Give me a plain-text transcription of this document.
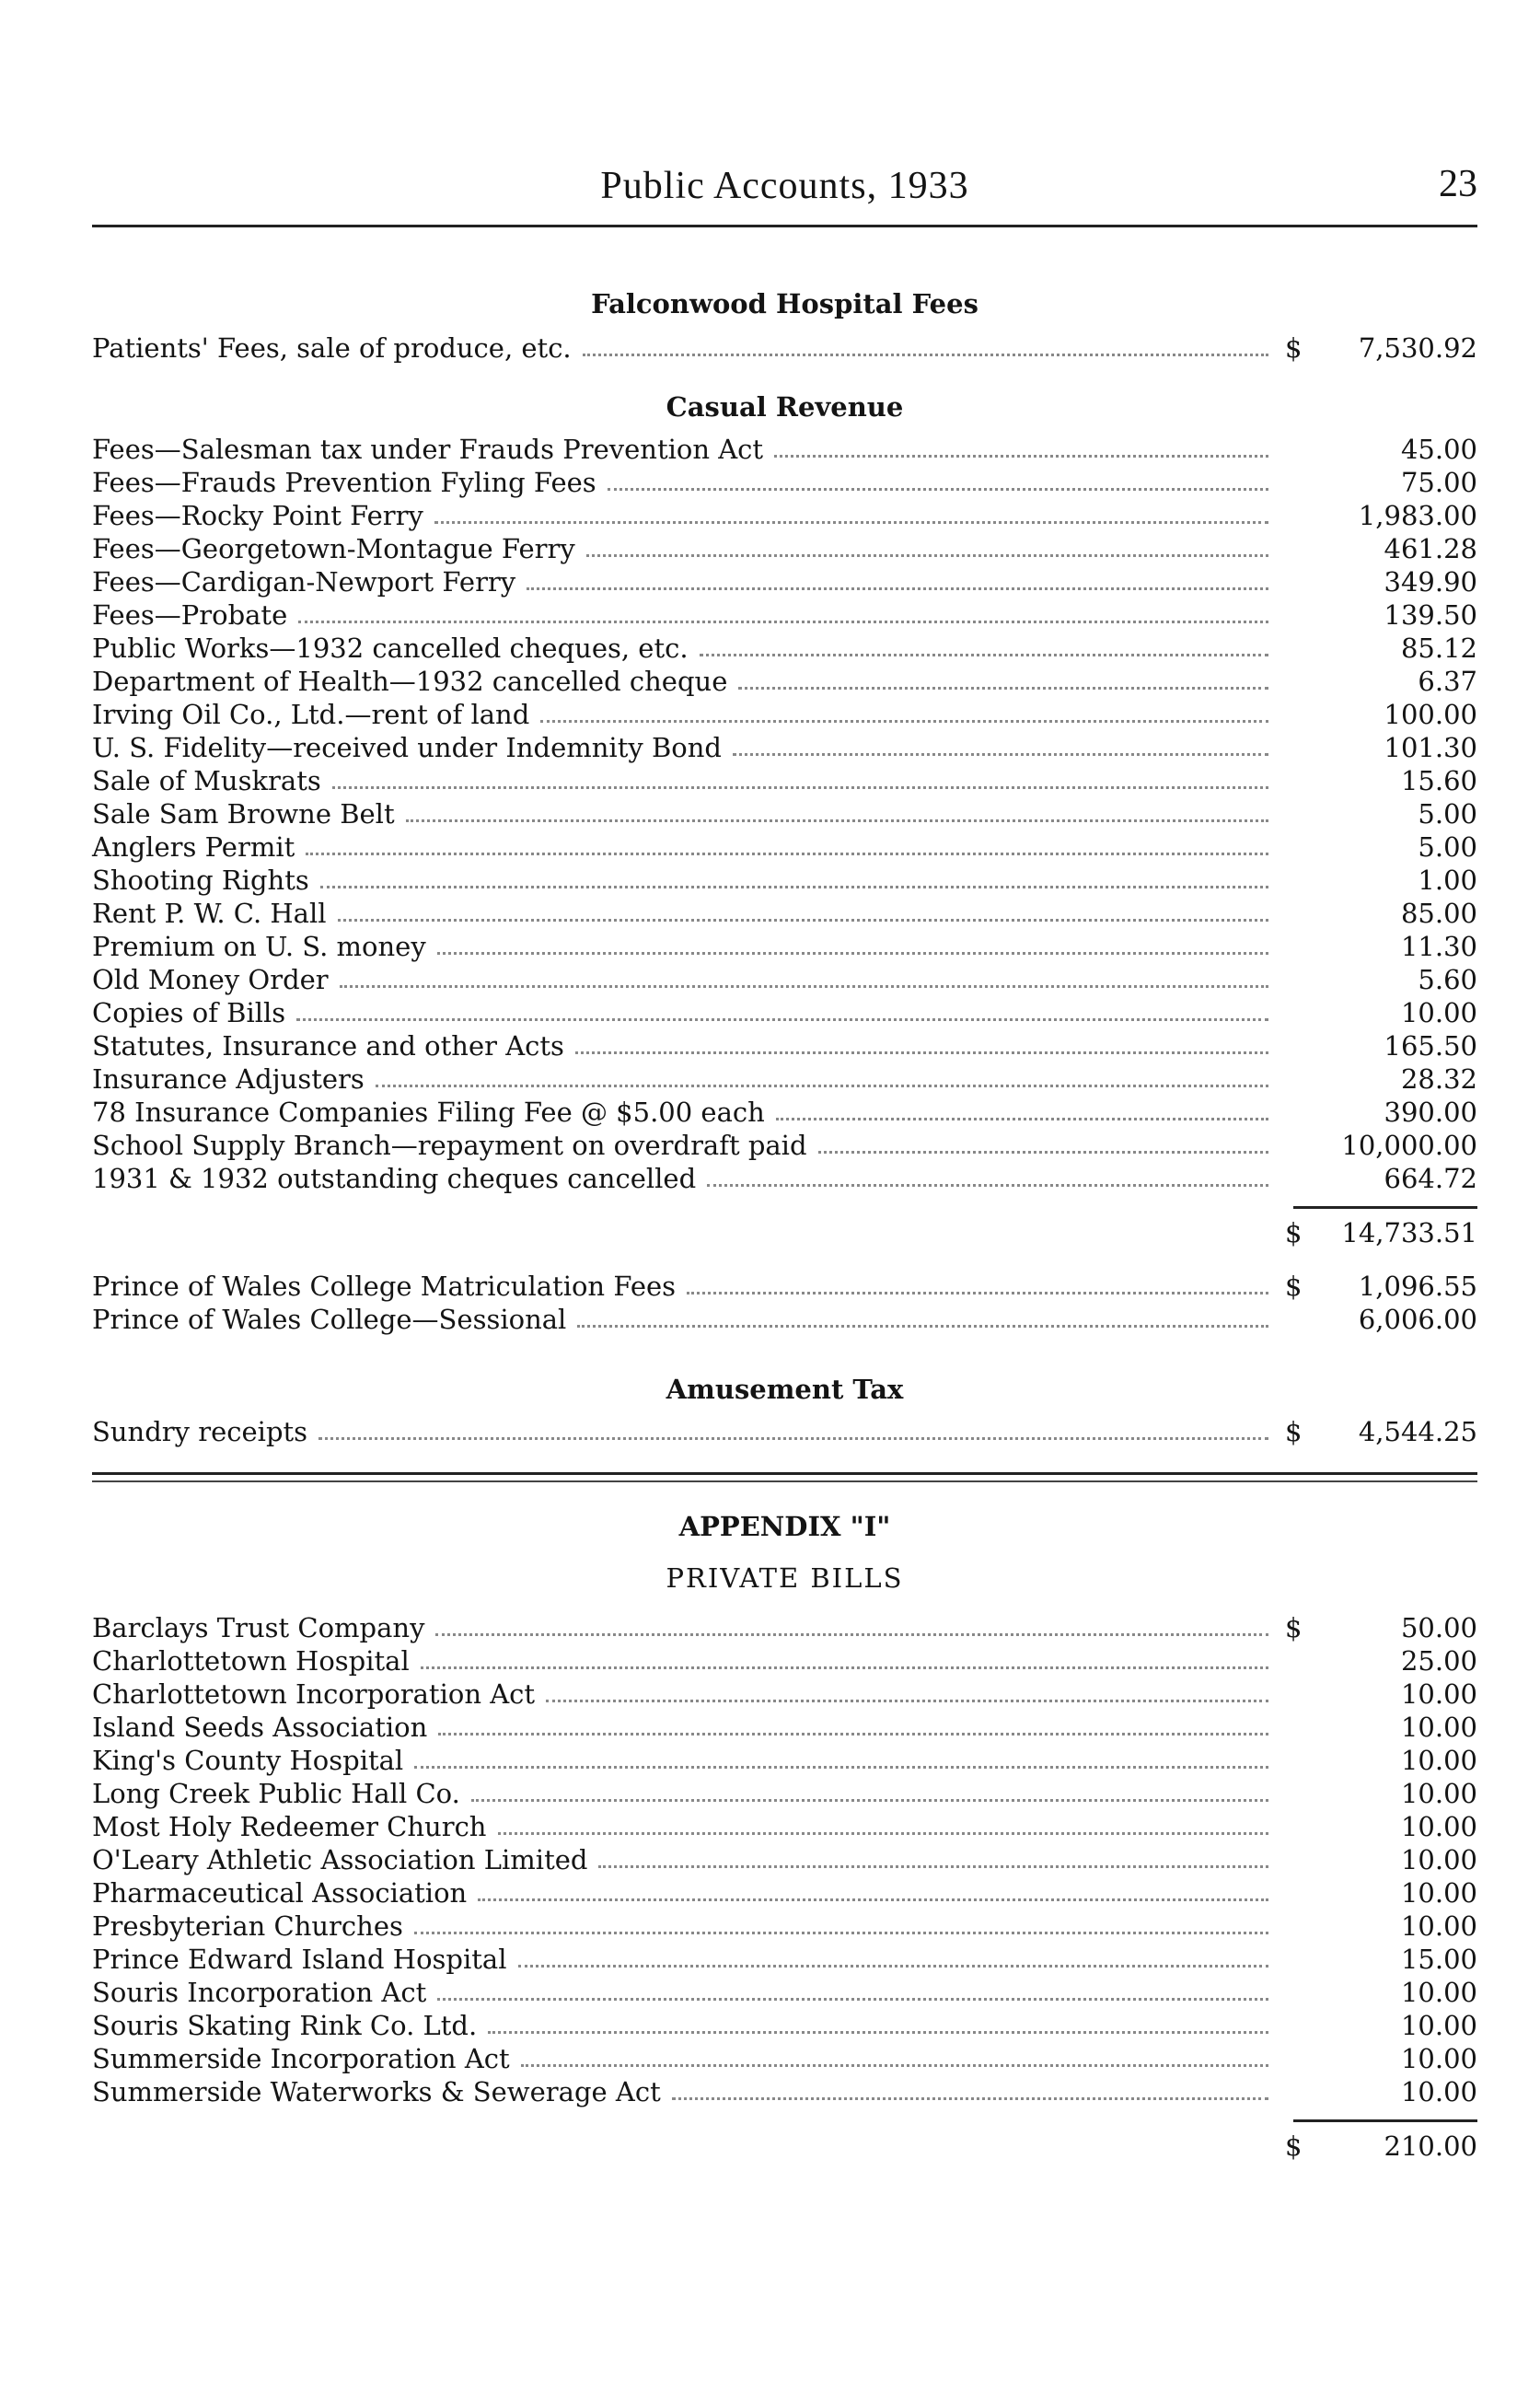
Public Accounts, 1933	23
Falconwood Hospital Fees
Patients' Fees, sale of produce, etc.	$	7,530.92
Casual Revenue
Fees—Salesman tax under Frauds Prevention Act	45.00
Fees—Frauds Prevention Fyling Fees	75.00
Fees—Rocky Point Ferry	1,983.00
Fees—Georgetown-Montague Ferry	461.28
Fees—Cardigan-Newport Ferry	349.90
Fees—Probate	139.50
Public Works—1932 cancelled cheques, etc.	85.12
Department of Health—1932 cancelled cheque	6.37
Irving Oil Co., Ltd.—rent of land	100.00
U. S. Fidelity—received under Indemnity Bond	101.30
Sale of Muskrats	15.60
Sale Sam Browne Belt	5.00
Anglers Permit	5.00
Shooting Rights	1.00
Rent P. W. C. Hall	85.00
Premium on U. S. money	11.30
Old Money Order	5.60
Copies of Bills	10.00
Statutes, Insurance and other Acts	165.50
Insurance Adjusters	28.32
78 Insurance Companies Filing Fee @ $5.00 each	390.00
School Supply Branch—repayment on overdraft paid	10,000.00
1931 & 1932 outstanding cheques cancelled	664.72
$	14,733.51
Prince of Wales College Matriculation Fees	$	1,096.55
Prince of Wales College—Sessional	6,006.00
Amusement Tax
Sundry receipts	$	4,544.25
APPENDIX "I"
PRIVATE BILLS
Barclays Trust Company	$	50.00
Charlottetown Hospital	25.00
Charlottetown Incorporation Act	10.00
Island Seeds Association	10.00
King's County Hospital	10.00
Long Creek Public Hall Co.	10.00
Most Holy Redeemer Church	10.00
O'Leary Athletic Association Limited	10.00
Pharmaceutical Association	10.00
Presbyterian Churches	10.00
Prince Edward Island Hospital	15.00
Souris Incorporation Act	10.00
Souris Skating Rink Co. Ltd.	10.00
Summerside Incorporation Act	10.00
Summerside Waterworks & Sewerage Act	10.00
$	210.00
